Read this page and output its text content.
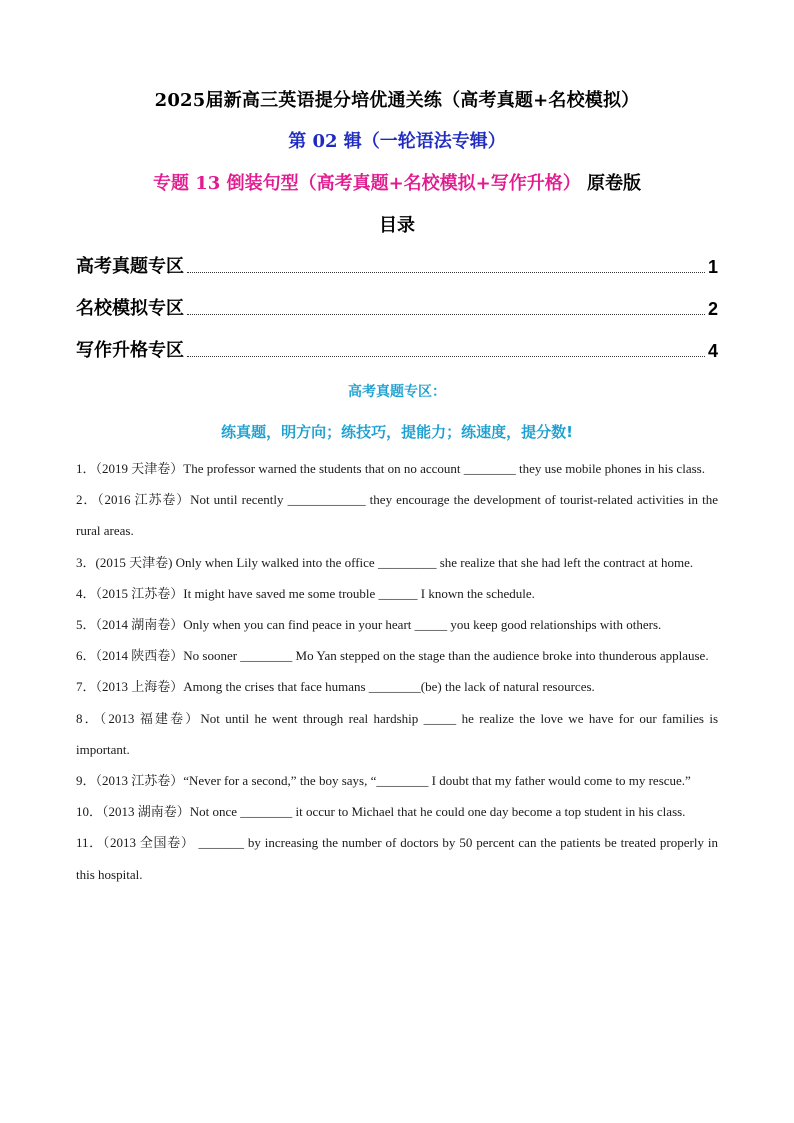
2025届新高三英语提分培优通关练（高考真题+名校模拟）
第 02 辑（一轮语法专辑）
专题 13 倒装句型（高考真题+名校模拟+写作升格） 原卷版
目录
高考真题专区	1
名校模拟专区	2
写作升格专区	4
高考真题专区：
练真题，明方向；练技巧，提能力；练速度，提分数!

1．（2019 天津卷）The professor warned the students that on no account ________ they use mobile phones in his class.

2．（2016 江苏卷）Not until recently ____________ they encourage the development of tourist-related activities in the rural areas.

3．(2015 天津卷) Only when Lily walked into the office _________ she realize that she had left the contract at home.

4．（2015 江苏卷）It might have saved me some trouble ______ I known the schedule.

5．（2014 湖南卷）Only when you can find peace in your heart _____ you keep good relationships with others.

6．（2014 陕西卷）No sooner ________ Mo Yan stepped on the stage than the audience broke into thunderous applause.

7．（2013 上海卷）Among the crises that face humans ________(be) the lack of natural resources.

8．（2013 福建卷）Not until he went through real hardship _____ he realize the love we have for our families is important.

9．（2013 江苏卷）“Never for a second,” the boy says, “________ I doubt that my father would come to my rescue.”

10．（2013 湖南卷）Not once ________ it occur to Michael that he could one day become a top student in his class.

11．（2013 全国卷） _______ by increasing the number of doctors by 50 percent can the patients be treated properly in this hospital.
